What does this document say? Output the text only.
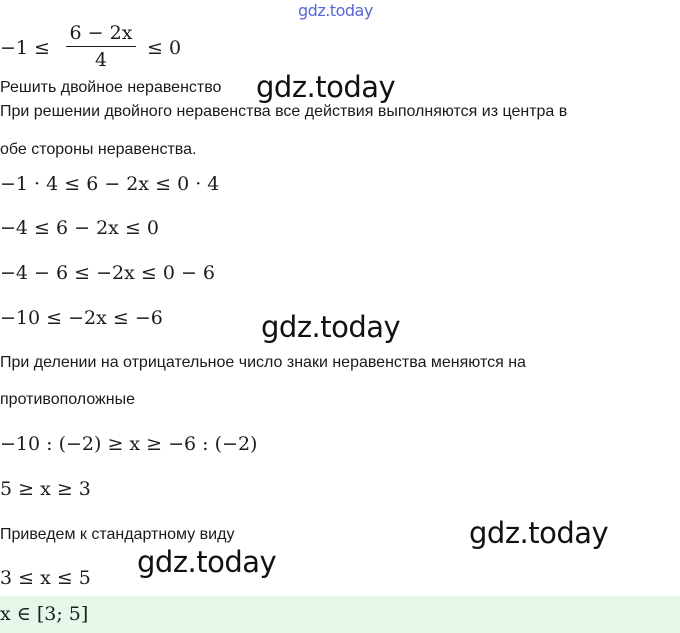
gdz.today
−1 ≤
6 − 2x
4
≤ 0
Решить двойное неравенство gdz.today
При решении двойного неравенства все действия выполняются из центра в
обе стороны неравенства.
−1 · 4 ≤ 6 − 2x ≤ 0 · 4
−4 ≤ 6 − 2x ≤ 0
−4 − 6 ≤ −2x ≤ 0 − 6
−10 ≤ −2x ≤ −6	gdz.today
При делении на отрицательное число знаки неравенства меняются на
противоположные
−10 : (−2) ≥ x ≥ −6 : (−2)
5 ≥ x ≥ 3
Приведем к стандартному виду	gdz.today
gdz.today
3 ≤ x ≤ 5
x ∈ [3; 5]
